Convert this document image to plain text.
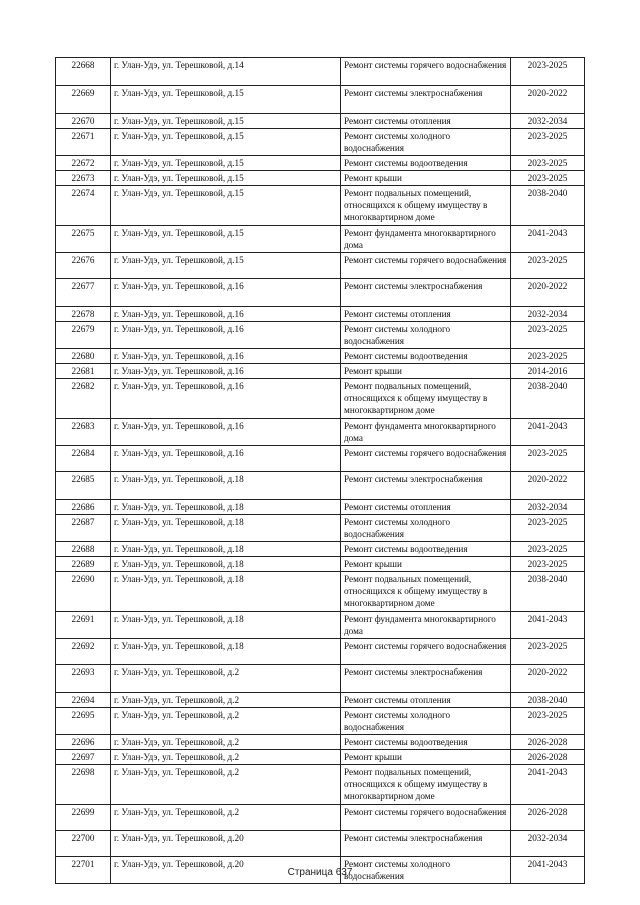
22668	г. Улан-Удэ, ул. Терешковой, д.14	Ремонт системы горячего водоснабжения	2023-2025
22669	г. Улан-Удэ, ул. Терешковой, д.15	Ремонт системы электроснабжения	2020-2022
22670	г. Улан-Удэ, ул. Терешковой, д.15	Ремонт системы отопления	2032-2034
22671	г. Улан-Удэ, ул. Терешковой, д.15	Ремонт системы холодного водоснабжения	2023-2025
22672	г. Улан-Удэ, ул. Терешковой, д.15	Ремонт системы водоотведения	2023-2025
22673	г. Улан-Удэ, ул. Терешковой, д.15	Ремонт крыши	2023-2025
22674	г. Улан-Удэ, ул. Терешковой, д.15	Ремонт подвальных помещений, относящихся к общему имуществу в многоквартирном доме	2038-2040
22675	г. Улан-Удэ, ул. Терешковой, д.15	Ремонт фундамента многоквартирного дома	2041-2043
22676	г. Улан-Удэ, ул. Терешковой, д.15	Ремонт системы горячего водоснабжения	2023-2025
22677	г. Улан-Удэ, ул. Терешковой, д.16	Ремонт системы электроснабжения	2020-2022
22678	г. Улан-Удэ, ул. Терешковой, д.16	Ремонт системы отопления	2032-2034
22679	г. Улан-Удэ, ул. Терешковой, д.16	Ремонт системы холодного водоснабжения	2023-2025
22680	г. Улан-Удэ, ул. Терешковой, д.16	Ремонт системы водоотведения	2023-2025
22681	г. Улан-Удэ, ул. Терешковой, д.16	Ремонт крыши	2014-2016
22682	г. Улан-Удэ, ул. Терешковой, д.16	Ремонт подвальных помещений, относящихся к общему имуществу в многоквартирном доме	2038-2040
22683	г. Улан-Удэ, ул. Терешковой, д.16	Ремонт фундамента многоквартирного дома	2041-2043
22684	г. Улан-Удэ, ул. Терешковой, д.16	Ремонт системы горячего водоснабжения	2023-2025
22685	г. Улан-Удэ, ул. Терешковой, д.18	Ремонт системы электроснабжения	2020-2022
22686	г. Улан-Удэ, ул. Терешковой, д.18	Ремонт системы отопления	2032-2034
22687	г. Улан-Удэ, ул. Терешковой, д.18	Ремонт системы холодного водоснабжения	2023-2025
22688	г. Улан-Удэ, ул. Терешковой, д.18	Ремонт системы водоотведения	2023-2025
22689	г. Улан-Удэ, ул. Терешковой, д.18	Ремонт крыши	2023-2025
22690	г. Улан-Удэ, ул. Терешковой, д.18	Ремонт подвальных помещений, относящихся к общему имуществу в многоквартирном доме	2038-2040
22691	г. Улан-Удэ, ул. Терешковой, д.18	Ремонт фундамента многоквартирного дома	2041-2043
22692	г. Улан-Удэ, ул. Терешковой, д.18	Ремонт системы горячего водоснабжения	2023-2025
22693	г. Улан-Удэ, ул. Терешковой, д.2	Ремонт системы электроснабжения	2020-2022
22694	г. Улан-Удэ, ул. Терешковой, д.2	Ремонт системы отопления	2038-2040
22695	г. Улан-Удэ, ул. Терешковой, д.2	Ремонт системы холодного водоснабжения	2023-2025
22696	г. Улан-Удэ, ул. Терешковой, д.2	Ремонт системы водоотведения	2026-2028
22697	г. Улан-Удэ, ул. Терешковой, д.2	Ремонт крыши	2026-2028
22698	г. Улан-Удэ, ул. Терешковой, д.2	Ремонт подвальных помещений, относящихся к общему имуществу в многоквартирном доме	2041-2043
22699	г. Улан-Удэ, ул. Терешковой, д.2	Ремонт системы горячего водоснабжения	2026-2028
22700	г. Улан-Удэ, ул. Терешковой, д.20	Ремонт системы электроснабжения	2032-2034
22701	г. Улан-Удэ, ул. Терешковой, д.20	Ремонт системы холодного водоснабжения	2041-2043
Страница 637
